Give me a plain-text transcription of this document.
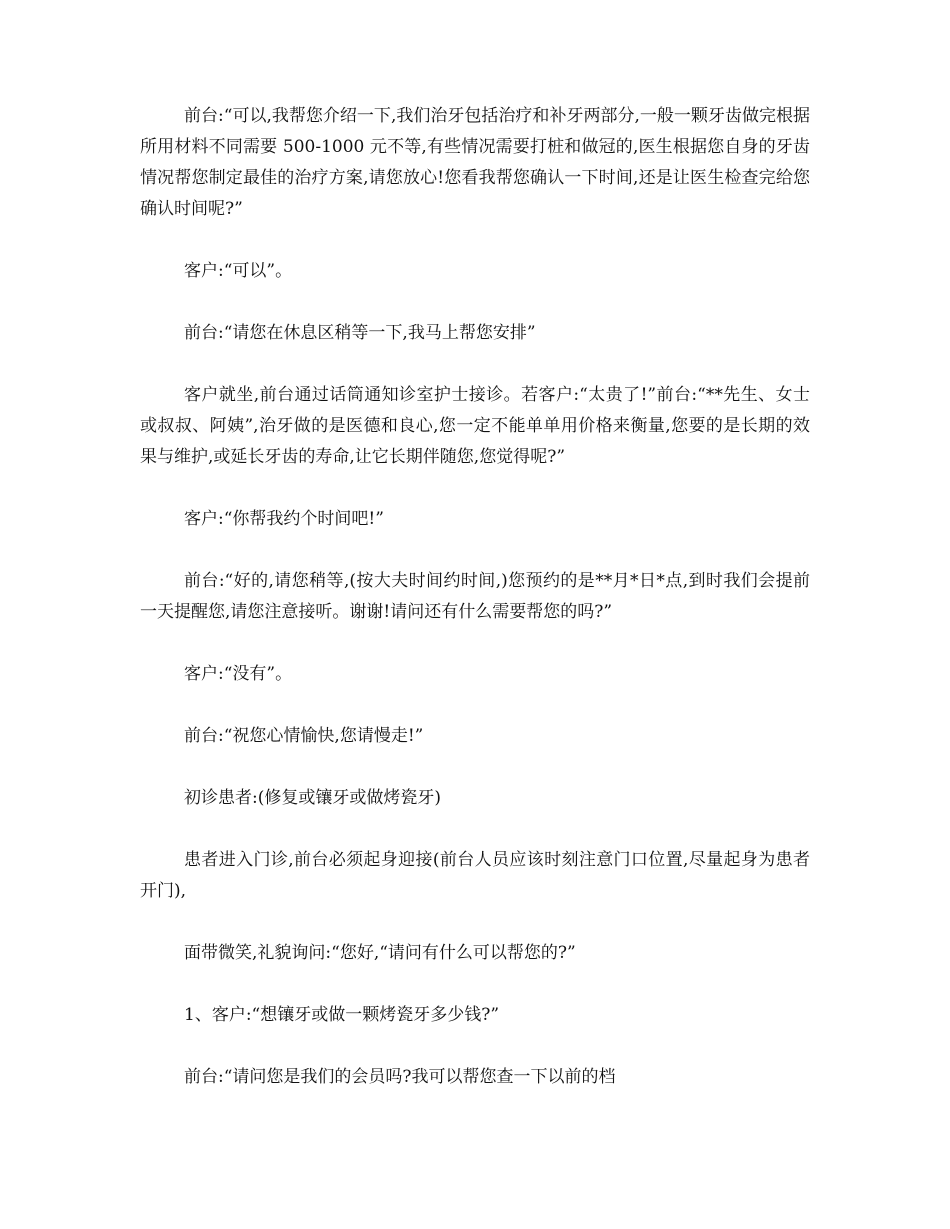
前台:“可以,我帮您介绍一下,我们治牙包括治疗和补牙两部分,一般一颗牙齿做完根据所用材料不同需要 500-1000 元不等,有些情况需要打桩和做冠的,医生根据您自身的牙齿情况帮您制定最佳的治疗方案,请您放心!您看我帮您确认一下时间,还是让医生检查完给您确认时间呢?”

客户:“可以”。

前台:“请您在休息区稍等一下,我马上帮您安排”

客户就坐,前台通过话筒通知诊室护士接诊。若客户:“太贵了!”前台:“**先生、女士或叔叔、阿姨”,治牙做的是医德和良心,您一定不能单单用价格来衡量,您要的是长期的效果与维护,或延长牙齿的寿命,让它长期伴随您,您觉得呢?”

客户:“你帮我约个时间吧!”

前台:“好的,请您稍等,(按大夫时间约时间,)您预约的是**月*日*点,到时我们会提前一天提醒您,请您注意接听。谢谢!请问还有什么需要帮您的吗?”

客户:“没有”。

前台:“祝您心情愉快,您请慢走!”

初诊患者:(修复或镶牙或做烤瓷牙)

患者进入门诊,前台必须起身迎接(前台人员应该时刻注意门口位置,尽量起身为患者开门),

面带微笑,礼貌询问:“您好,“请问有什么可以帮您的?”

1、客户:“想镶牙或做一颗烤瓷牙多少钱?”

前台:“请问您是我们的会员吗?我可以帮您查一下以前的档
